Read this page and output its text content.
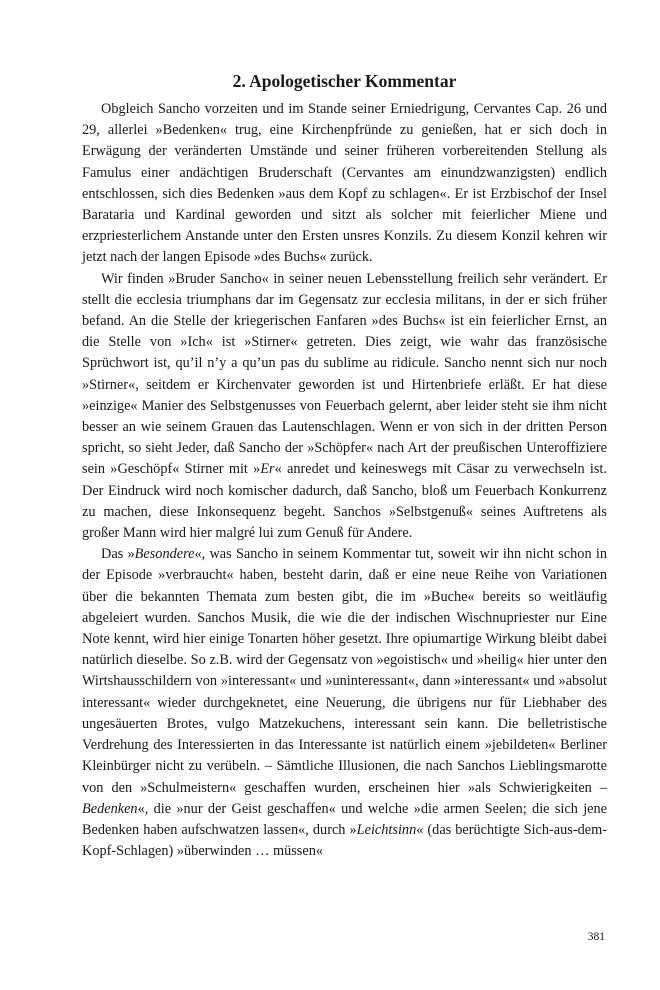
2. Apologetischer Kommentar

Obgleich Sancho vorzeiten und im Stande seiner Erniedrigung, Cervantes Cap. 26 und 29, allerlei »Bedenken« trug, eine Kirchenpfründe zu genießen, hat er sich doch in Erwägung der veränderten Umstände und seiner früheren vorbereitenden Stellung als Famulus einer andächtigen Bruderschaft (Cervantes am einundzwanzigsten) endlich entschlossen, sich dies Bedenken »aus dem Kopf zu schlagen«. Er ist Erzbischof der Insel Barataria und Kardinal geworden und sitzt als solcher mit feierlicher Miene und erzpriesterlichem Anstande unter den Ersten unsres Konzils. Zu diesem Konzil kehren wir jetzt nach der langen Episode »des Buchs« zurück.

Wir finden »Bruder Sancho« in seiner neuen Lebensstellung freilich sehr verändert. Er stellt die ecclesia triumphans dar im Gegensatz zur ecclesia militans, in der er sich früher befand. An die Stelle der kriegerischen Fanfaren »des Buchs« ist ein feierlicher Ernst, an die Stelle von »Ich« ist »Stirner« getreten. Dies zeigt, wie wahr das französische Sprüchwort ist, qu’il n’y a qu’un pas du sublime au ridicule. Sancho nennt sich nur noch »Stirner«, seitdem er Kirchenvater geworden ist und Hirtenbriefe erläßt. Er hat diese »einzige« Manier des Selbstgenusses von Feuerbach gelernt, aber leider steht sie ihm nicht besser an wie seinem Grauen das Lautenschlagen. Wenn er von sich in der dritten Person spricht, so sieht Jeder, daß Sancho der »Schöpfer« nach Art der preußischen Unteroffiziere sein »Geschöpf« Stirner mit »Er« anredet und keineswegs mit Cäsar zu verwechseln ist. Der Eindruck wird noch komischer dadurch, daß Sancho, bloß um Feuerbach Konkurrenz zu machen, diese Inkonsequenz begeht. Sanchos »Selbstgenuß« seines Auftretens als großer Mann wird hier malgré lui zum Genuß für Andere.

Das »Besondere«, was Sancho in seinem Kommentar tut, soweit wir ihn nicht schon in der Episode »verbraucht« haben, besteht darin, daß er eine neue Reihe von Variationen über die bekannten Themata zum besten gibt, die im »Buche« bereits so weitläufig abgeleiert wurden. Sanchos Musik, die wie die der indischen Wischnupriester nur Eine Note kennt, wird hier einige Tonarten höher gesetzt. Ihre opiumartige Wirkung bleibt dabei natürlich dieselbe. So z.B. wird der Gegensatz von »egoistisch« und »heilig« hier unter den Wirtshausschildern von »interessant« und »uninteressant«, dann »interessant« und »absolut interessant« wieder durchgeknetet, eine Neuerung, die übrigens nur für Liebhaber des ungesäuerten Brotes, vulgo Matzekuchens, interessant sein kann. Die belletristische Verdrehung des Interessierten in das Interessante ist natürlich einem »jebildeten« Berliner Kleinbürger nicht zu verübeln. – Sämtliche Illusionen, die nach Sanchos Lieblingsmarotte von den »Schulmeistern« geschaffen wurden, erscheinen hier »als Schwierigkeiten – Bedenken«, die »nur der Geist geschaffen« und welche »die armen Seelen; die sich jene Bedenken haben aufschwatzen lassen«, durch »Leichtsinn« (das berüchtigte Sich-aus-dem-Kopf-Schlagen) »überwinden … müssen«

381
